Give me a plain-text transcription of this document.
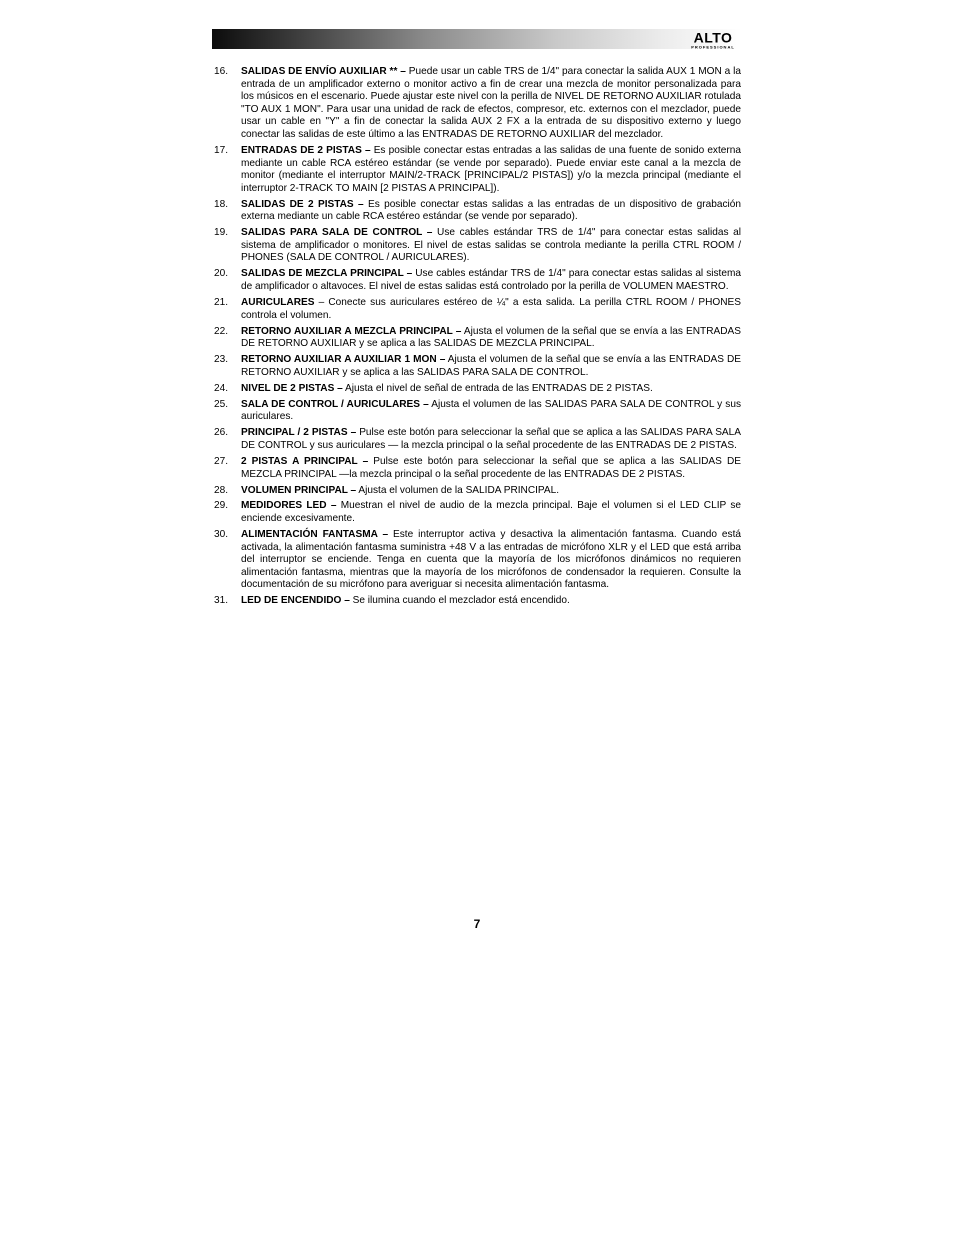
ALTO
PROFESSIONAL
16. SALIDAS DE ENVÍO AUXILIAR ** – Puede usar un cable TRS de 1/4" para conectar la salida AUX 1 MON a la entrada de un amplificador externo o monitor activo a fin de crear una mezcla de monitor personalizada para los músicos en el escenario. Puede ajustar este nivel con la perilla de NIVEL DE RETORNO AUXILIAR rotulada "TO AUX 1 MON". Para usar una unidad de rack de efectos, compresor, etc. externos con el mezclador, puede usar un cable en "Y" a fin de conectar la salida AUX 2 FX a la entrada de su dispositivo externo y luego conectar las salidas de este último a las ENTRADAS DE RETORNO AUXILIAR del mezclador.
17. ENTRADAS DE 2 PISTAS – Es posible conectar estas entradas a las salidas de una fuente de sonido externa mediante un cable RCA estéreo estándar (se vende por separado). Puede enviar este canal a la mezcla de monitor (mediante el interruptor MAIN/2-TRACK [PRINCIPAL/2 PISTAS]) y/o la mezcla principal (mediante el interruptor 2-TRACK TO MAIN [2 PISTAS A PRINCIPAL]).
18. SALIDAS DE 2 PISTAS – Es posible conectar estas salidas a las entradas de un dispositivo de grabación externa mediante un cable RCA estéreo estándar (se vende por separado).
19. SALIDAS PARA SALA DE CONTROL – Use cables estándar TRS de 1/4" para conectar estas salidas al sistema de amplificador o monitores. El nivel de estas salidas se controla mediante la perilla CTRL ROOM / PHONES (SALA DE CONTROL / AURICULARES).
20. SALIDAS DE MEZCLA PRINCIPAL – Use cables estándar TRS de 1/4" para conectar estas salidas al sistema de amplificador o altavoces. El nivel de estas salidas está controlado por la perilla de VOLUMEN MAESTRO.
21. AURICULARES – Conecte sus auriculares estéreo de ¼" a esta salida. La perilla CTRL ROOM / PHONES controla el volumen.
22. RETORNO AUXILIAR A MEZCLA PRINCIPAL – Ajusta el volumen de la señal que se envía a las ENTRADAS DE RETORNO AUXILIAR y se aplica a las SALIDAS DE MEZCLA PRINCIPAL.
23. RETORNO AUXILIAR A AUXILIAR 1 MON – Ajusta el volumen de la señal que se envía a las ENTRADAS DE RETORNO AUXILIAR y se aplica a las SALIDAS PARA SALA DE CONTROL.
24. NIVEL DE 2 PISTAS – Ajusta el nivel de señal de entrada de las ENTRADAS DE 2 PISTAS.
25. SALA DE CONTROL / AURICULARES – Ajusta el volumen de las SALIDAS PARA SALA DE CONTROL y sus auriculares.
26. PRINCIPAL / 2 PISTAS – Pulse este botón para seleccionar la señal que se aplica a las SALIDAS PARA SALA DE CONTROL y sus auriculares — la mezcla principal o la señal procedente de las ENTRADAS DE 2 PISTAS.
27. 2 PISTAS A PRINCIPAL – Pulse este botón para seleccionar la señal que se aplica a las SALIDAS DE MEZCLA PRINCIPAL —la mezcla principal o la señal procedente de las ENTRADAS DE 2 PISTAS.
28. VOLUMEN PRINCIPAL – Ajusta el volumen de la SALIDA PRINCIPAL.
29. MEDIDORES LED – Muestran el nivel de audio de la mezcla principal. Baje el volumen si el LED CLIP se enciende excesivamente.
30. ALIMENTACIÓN FANTASMA – Este interruptor activa y desactiva la alimentación fantasma. Cuando está activada, la alimentación fantasma suministra +48 V a las entradas de micrófono XLR y el LED que está arriba del interruptor se enciende. Tenga en cuenta que la mayoría de los micrófonos dinámicos no requieren alimentación fantasma, mientras que la mayoría de los micrófonos de condensador la requieren. Consulte la documentación de su micrófono para averiguar si necesita alimentación fantasma.
31. LED DE ENCENDIDO – Se ilumina cuando el mezclador está encendido.
7
